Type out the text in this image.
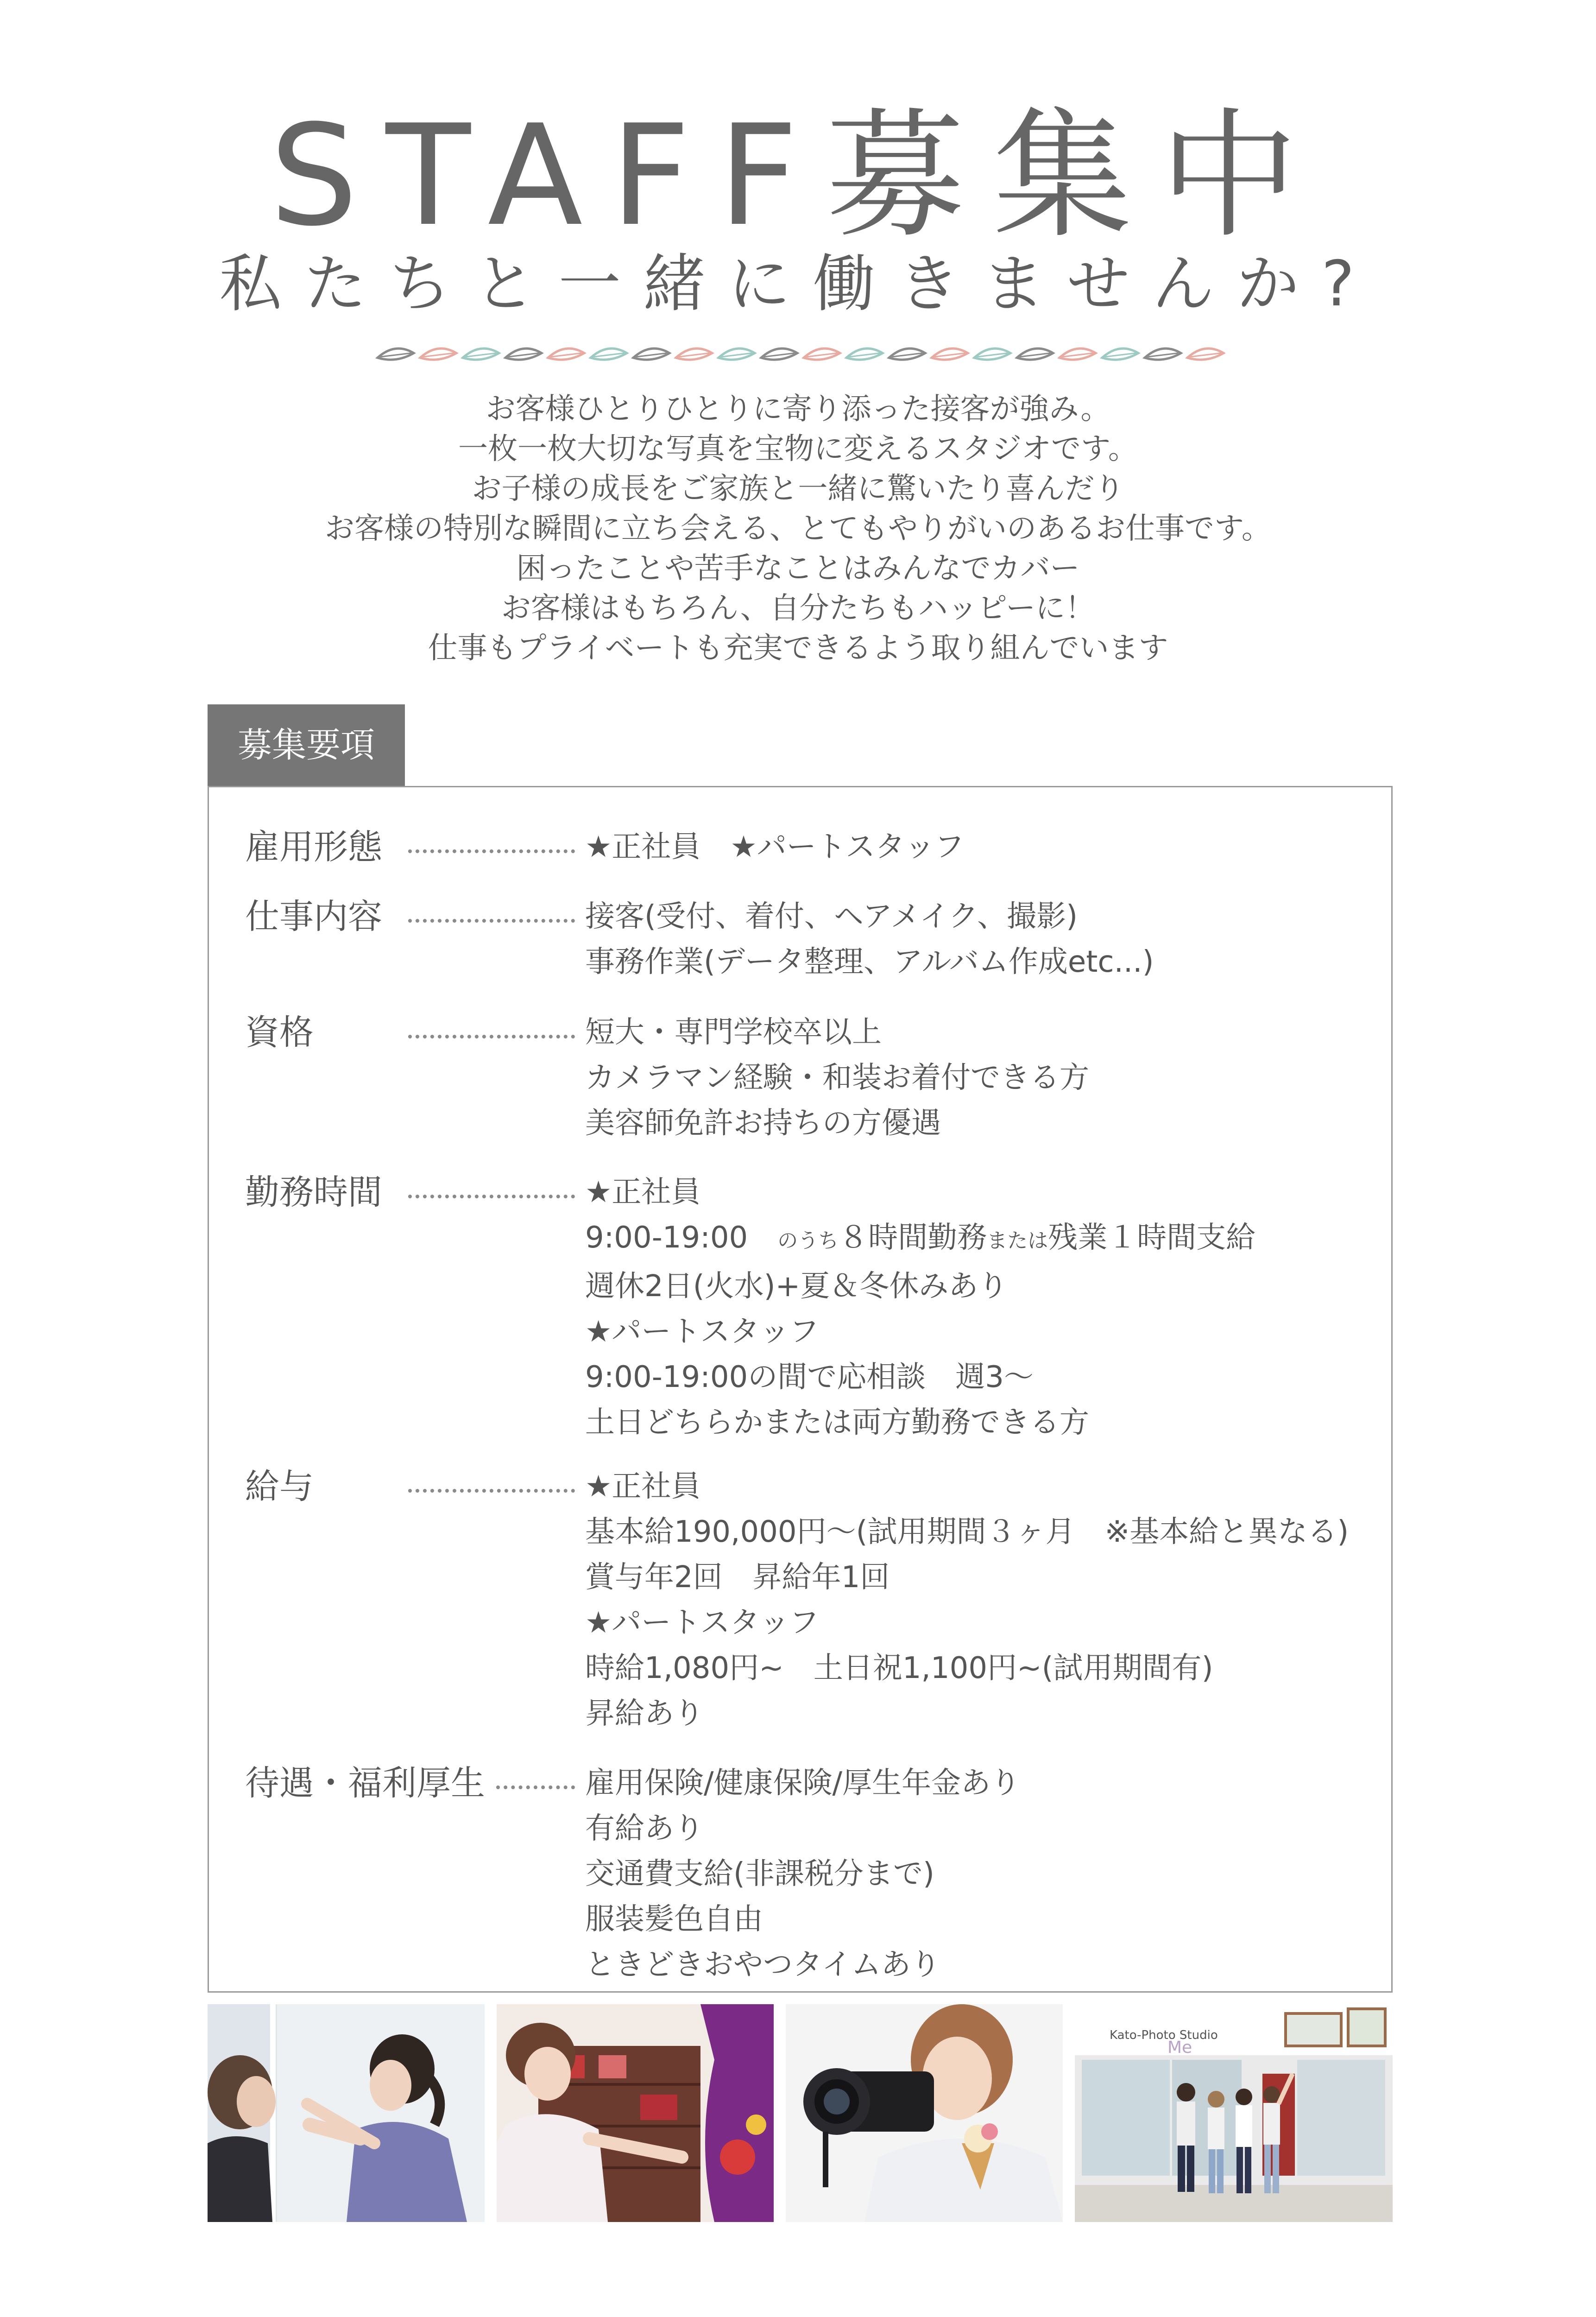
STAFF募集中
私たちと一緒に働きませんか?
お客様ひとりひとりに寄り添った接客が強み。
一枚一枚大切な写真を宝物に変えるスタジオです。
お子様の成長をご家族と一緒に驚いたり喜んだり
お客様の特別な瞬間に立ち会える、とてもやりがいのあるお仕事です。
困ったことや苦手なことはみんなでカバー
お客様はもちろん、自分たちもハッピーに！
仕事もプライベートも充実できるよう取り組んでいます
募集要項
雇用形態	★正社員　★パートスタッフ
仕事内容	接客(受付、着付、ヘアメイク、撮影)
事務作業(データ整理、アルバム作成etc...)
資格	短大・専門学校卒以上
カメラマン経験・和装お着付できる方
美容師免許お持ちの方優遇
勤務時間	★正社員
9:00-19:00　のうち８時間勤務または残業１時間支給
週休2日(火水)+夏＆冬休みあり
★パートスタッフ
9:00-19:00の間で応相談　週3〜
土日どちらかまたは両方勤務できる方
給与	★正社員
基本給190,000円〜(試用期間３ヶ月　※基本給と異なる)
賞与年2回　昇給年1回
★パートスタッフ
時給1,080円~　土日祝1,100円~(試用期間有)
昇給あり
待遇・福利厚生	雇用保険/健康保険/厚生年金あり
有給あり
交通費支給(非課税分まで)
服装髪色自由
ときどきおやつタイムあり
Kato-Photo Studio
Me
